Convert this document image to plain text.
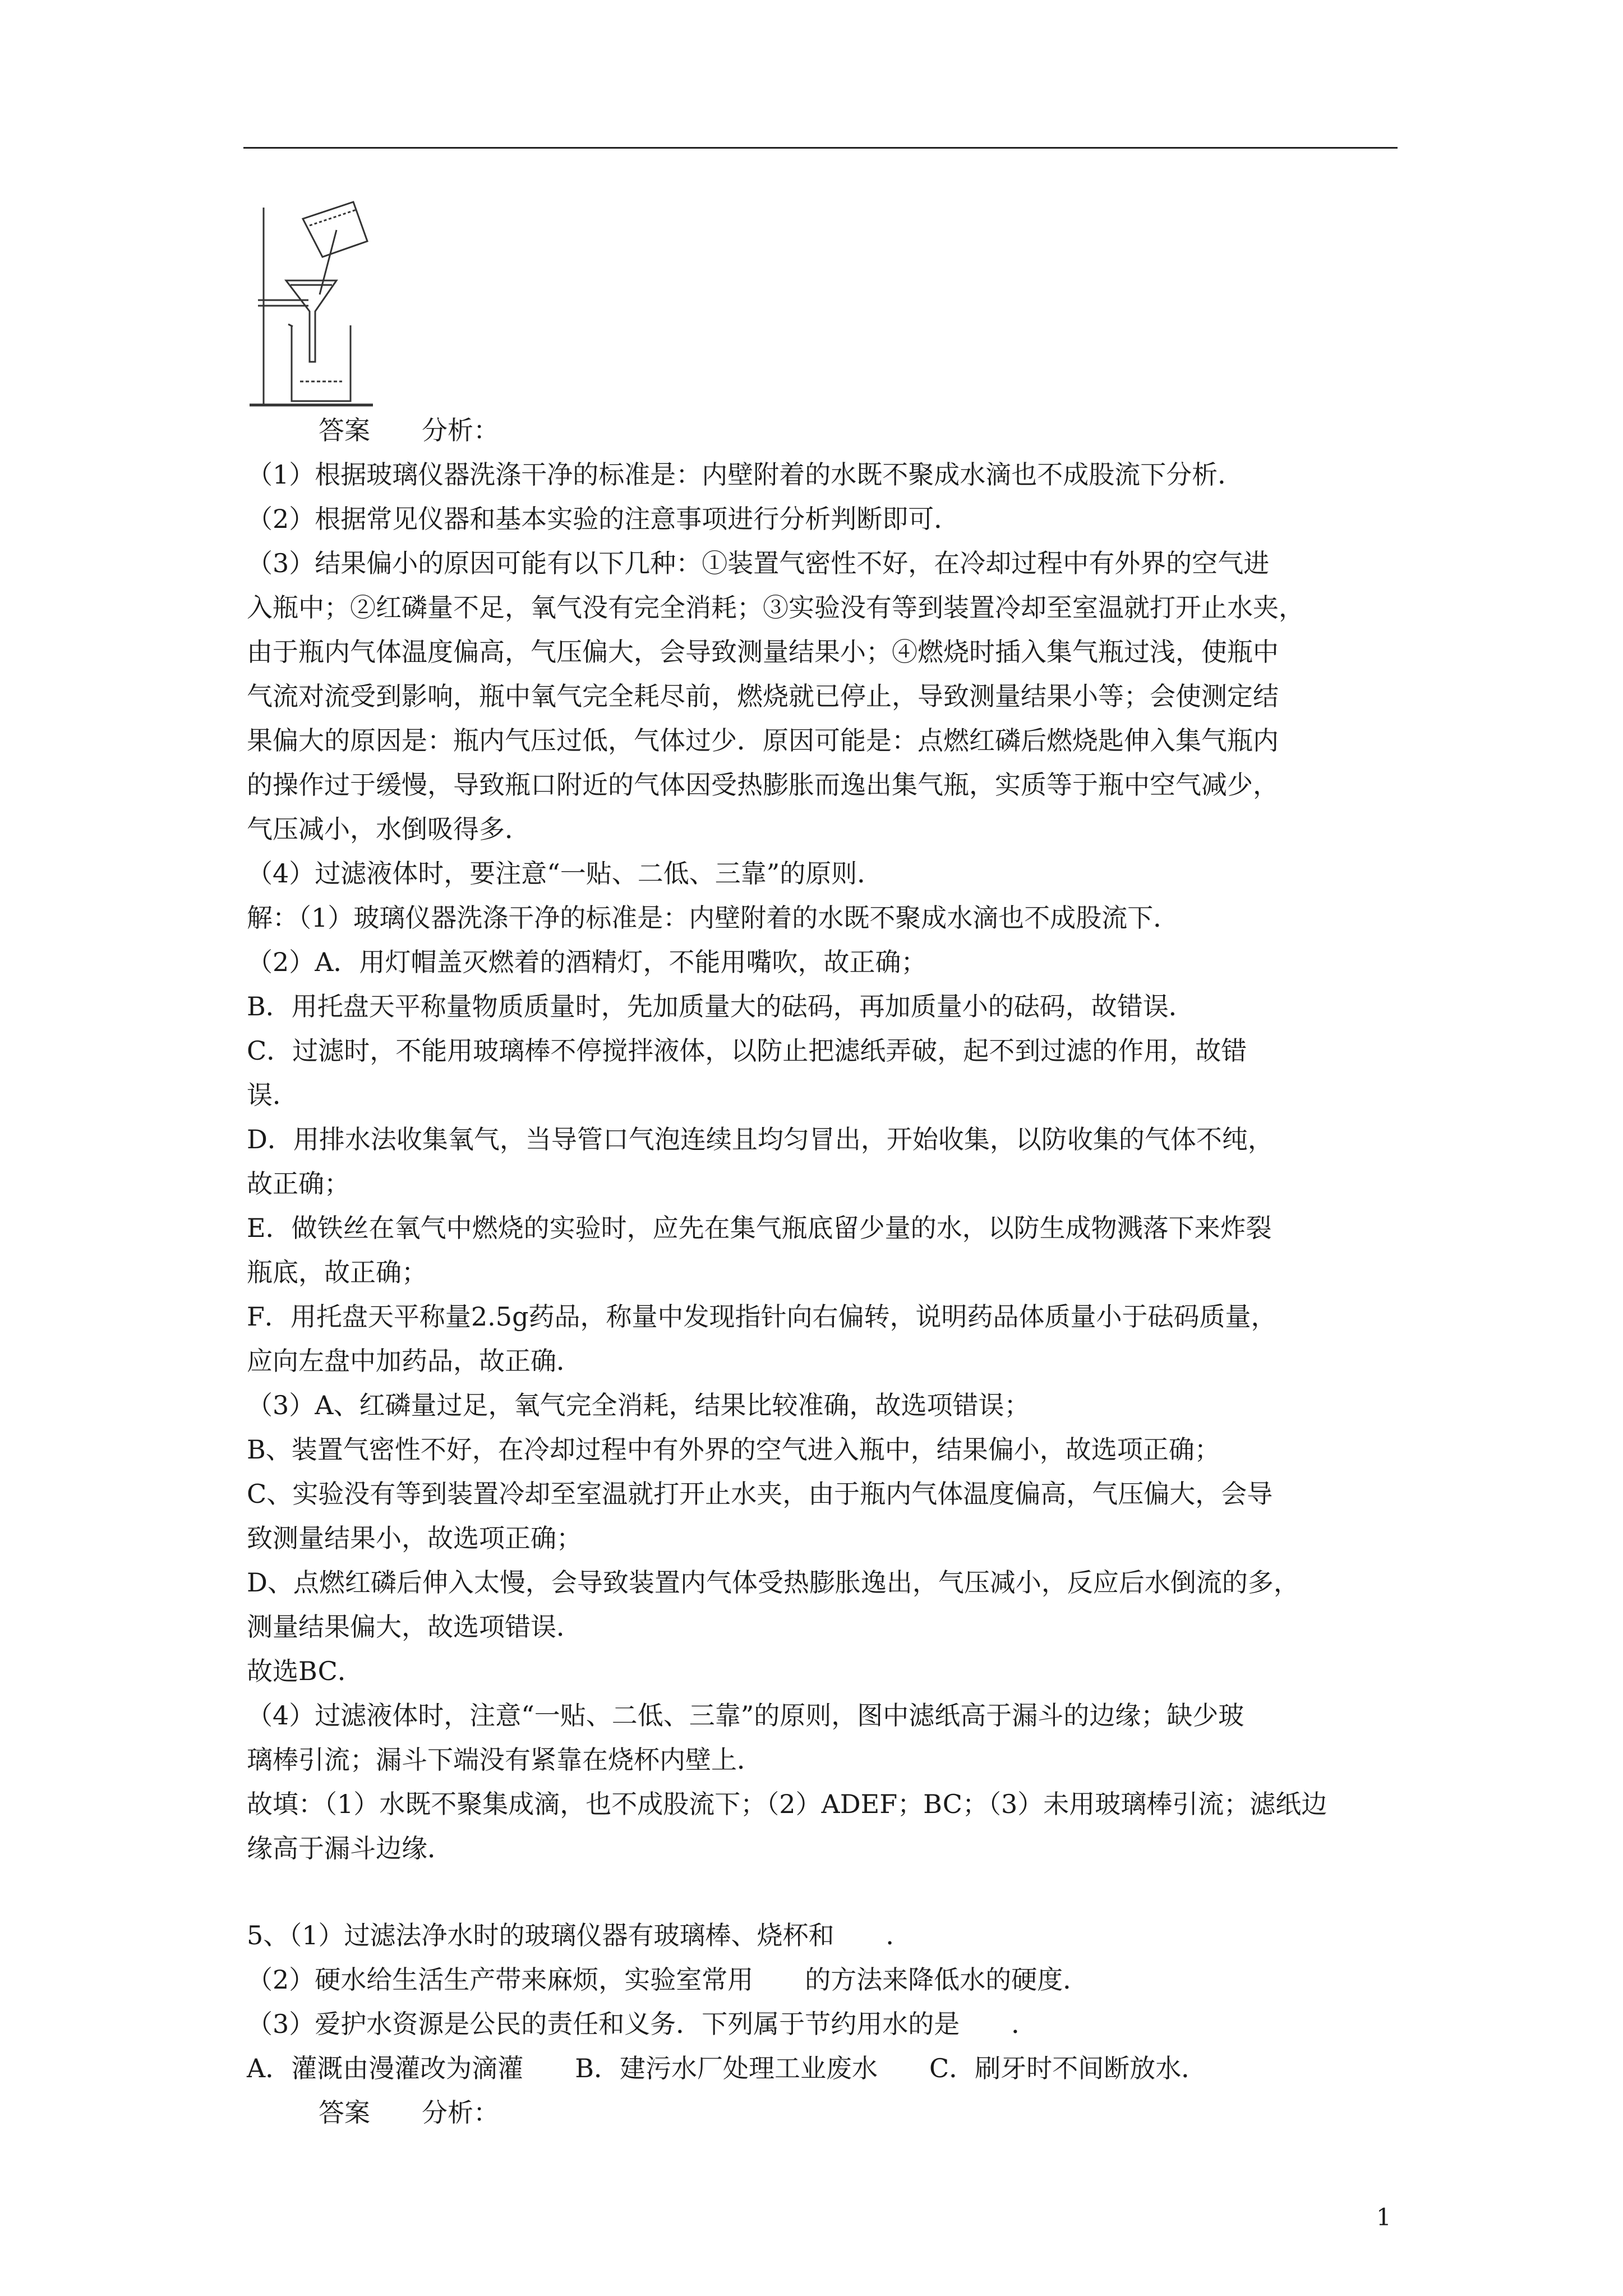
答案　　分析：
（1）根据玻璃仪器洗涤干净的标准是：内壁附着的水既不聚成水滴也不成股流下分析．
（2）根据常见仪器和基本实验的注意事项进行分析判断即可．
（3）结果偏小的原因可能有以下几种：①装置气密性不好，在冷却过程中有外界的空气进
入瓶中；②红磷量不足，氧气没有完全消耗；③实验没有等到装置冷却至室温就打开止水夹，
由于瓶内气体温度偏高，气压偏大，会导致测量结果小；④燃烧时插入集气瓶过浅，使瓶中
气流对流受到影响，瓶中氧气完全耗尽前，燃烧就已停止，导致测量结果小等；会使测定结
果偏大的原因是：瓶内气压过低，气体过少．原因可能是：点燃红磷后燃烧匙伸入集气瓶内
的操作过于缓慢，导致瓶口附近的气体因受热膨胀而逸出集气瓶，实质等于瓶中空气减少，
气压减小，水倒吸得多．
（4）过滤液体时，要注意“一贴、二低、三靠”的原则．
解：（1）玻璃仪器洗涤干净的标准是：内壁附着的水既不聚成水滴也不成股流下．
（2）A．用灯帽盖灭燃着的酒精灯，不能用嘴吹，故正确；
B．用托盘天平称量物质质量时，先加质量大的砝码，再加质量小的砝码，故错误．
C．过滤时，不能用玻璃棒不停搅拌液体，以防止把滤纸弄破，起不到过滤的作用，故错
误．
D．用排水法收集氧气，当导管口气泡连续且均匀冒出，开始收集，以防收集的气体不纯，
故正确；
E．做铁丝在氧气中燃烧的实验时，应先在集气瓶底留少量的水，以防生成物溅落下来炸裂
瓶底，故正确；
F．用托盘天平称量2.5g药品，称量中发现指针向右偏转，说明药品体质量小于砝码质量，
应向左盘中加药品，故正确．
（3）A、红磷量过足，氧气完全消耗，结果比较准确，故选项错误；
B、装置气密性不好，在冷却过程中有外界的空气进入瓶中，结果偏小，故选项正确；
C、实验没有等到装置冷却至室温就打开止水夹，由于瓶内气体温度偏高，气压偏大，会导
致测量结果小，故选项正确；
D、点燃红磷后伸入太慢，会导致装置内气体受热膨胀逸出，气压减小，反应后水倒流的多，
测量结果偏大，故选项错误．
故选BC．
（4）过滤液体时，注意“一贴、二低、三靠”的原则，图中滤纸高于漏斗的边缘；缺少玻
璃棒引流；漏斗下端没有紧靠在烧杯内壁上．
故填：（1）水既不聚集成滴，也不成股流下；（2）ADEF；BC；（3）未用玻璃棒引流；滤纸边
缘高于漏斗边缘．
5、（1）过滤法净水时的玻璃仪器有玻璃棒、烧杯和　　．
（2）硬水给生活生产带来麻烦，实验室常用　　的方法来降低水的硬度．
（3）爱护水资源是公民的责任和义务．下列属于节约用水的是　　．
A．灌溉由漫灌改为滴灌　　B．建污水厂处理工业废水　　C．刷牙时不间断放水．
答案　　分析：
1
